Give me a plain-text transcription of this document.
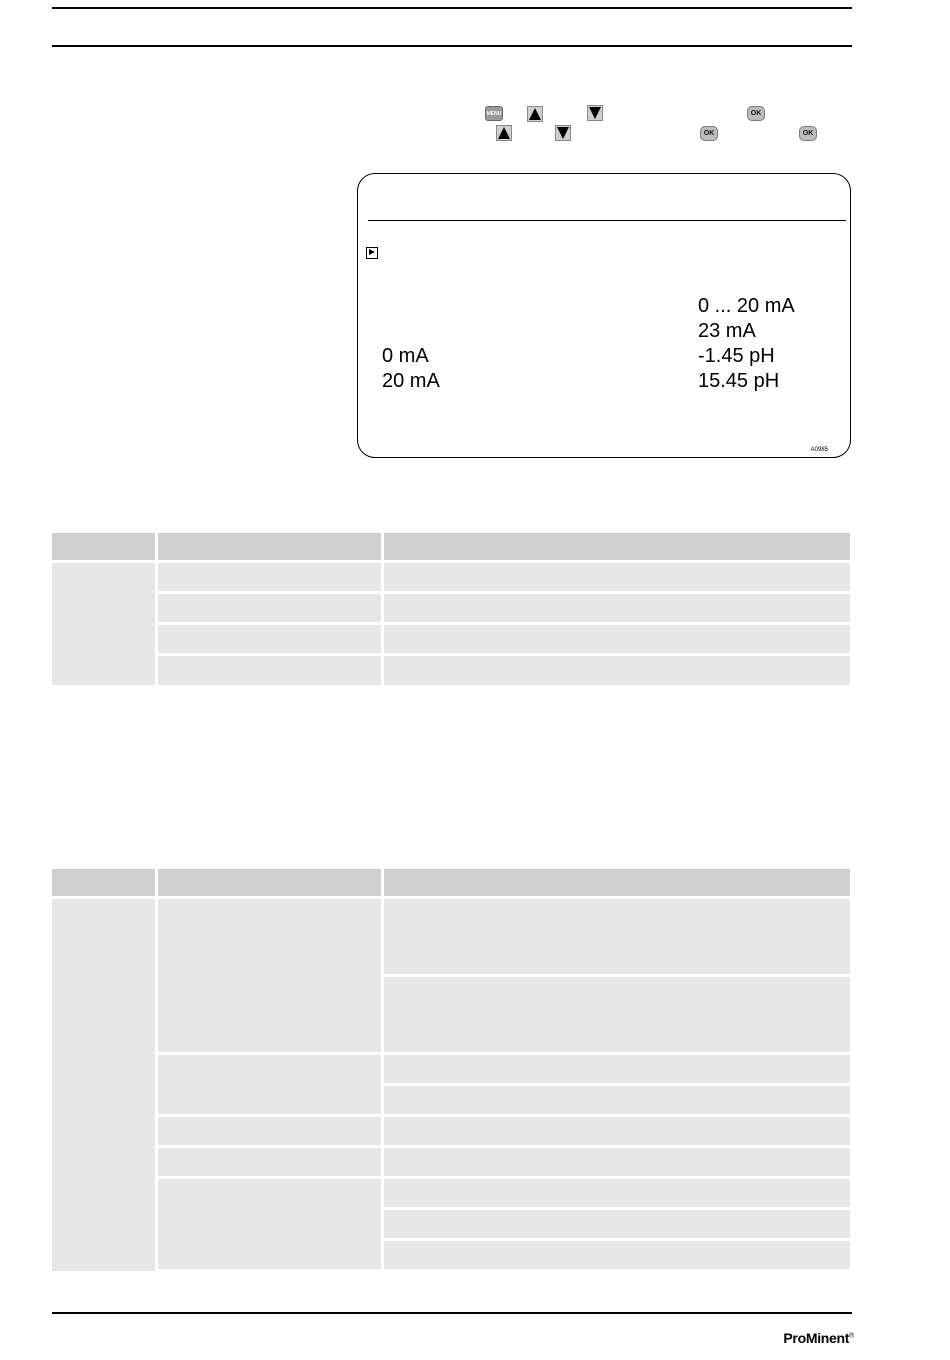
MENU	OK
OK	OK
0 ... 20 mA
23 mA
0 mA	-1.45 pH
20 mA	15.45 pH
A0985
ProMinent®
